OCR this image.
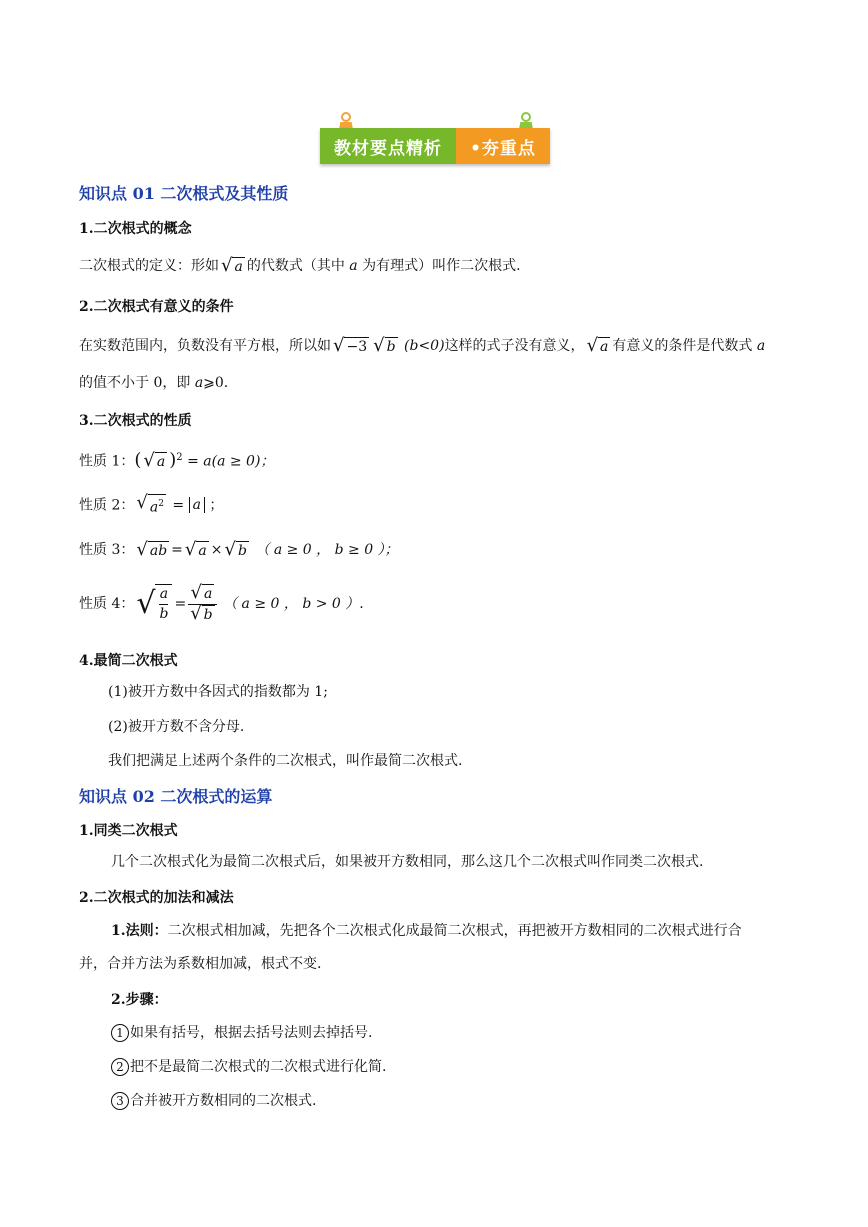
教材要点精析 •夯重点
知识点 01 二次根式及其性质
1.二次根式的概念
二次根式的定义：形如 √ a 的代数式（其中 a 为有理式）叫作二次根式.
2.二次根式有意义的条件
在实数范围内，负数没有平方根，所以如 √ −3 √ b (b<0)这样的式子没有意义， √ a 有意义的条件是代数式 a
的值不小于 0，即 a⩾0.
3.二次根式的性质
性质 1：( √ a )$^2$ = a(a ≥ 0)；
性质 2： √ $a^2 = a$ ；
性质 3： √ ab = √ a × √ b （ a ≥ 0 ， b ≥ 0 ）；
性质 4： √ $\frac{a}{b} = \frac{√ a}{√ b}$ （ a ≥ 0 ， b > 0 ）.
4.最简二次根式
(1)被开方数中各因式的指数都为 1;
(2)被开方数不含分母.
我们把满足上述两个条件的二次根式，叫作最简二次根式.
知识点 02 二次根式的运算
1.同类二次根式
几个二次根式化为最简二次根式后，如果被开方数相同，那么这几个二次根式叫作同类二次根式.
2.二次根式的加法和减法
1.法则：二次根式相加减，先把各个二次根式化成最简二次根式，再把被开方数相同的二次根式进行合
并，合并方法为系数相加减，根式不变.
2.步骤：
1 如果有括号，根据去括号法则去掉括号.
2 把不是最简二次根式的二次根式进行化简.
3 合并被开方数相同的二次根式.
